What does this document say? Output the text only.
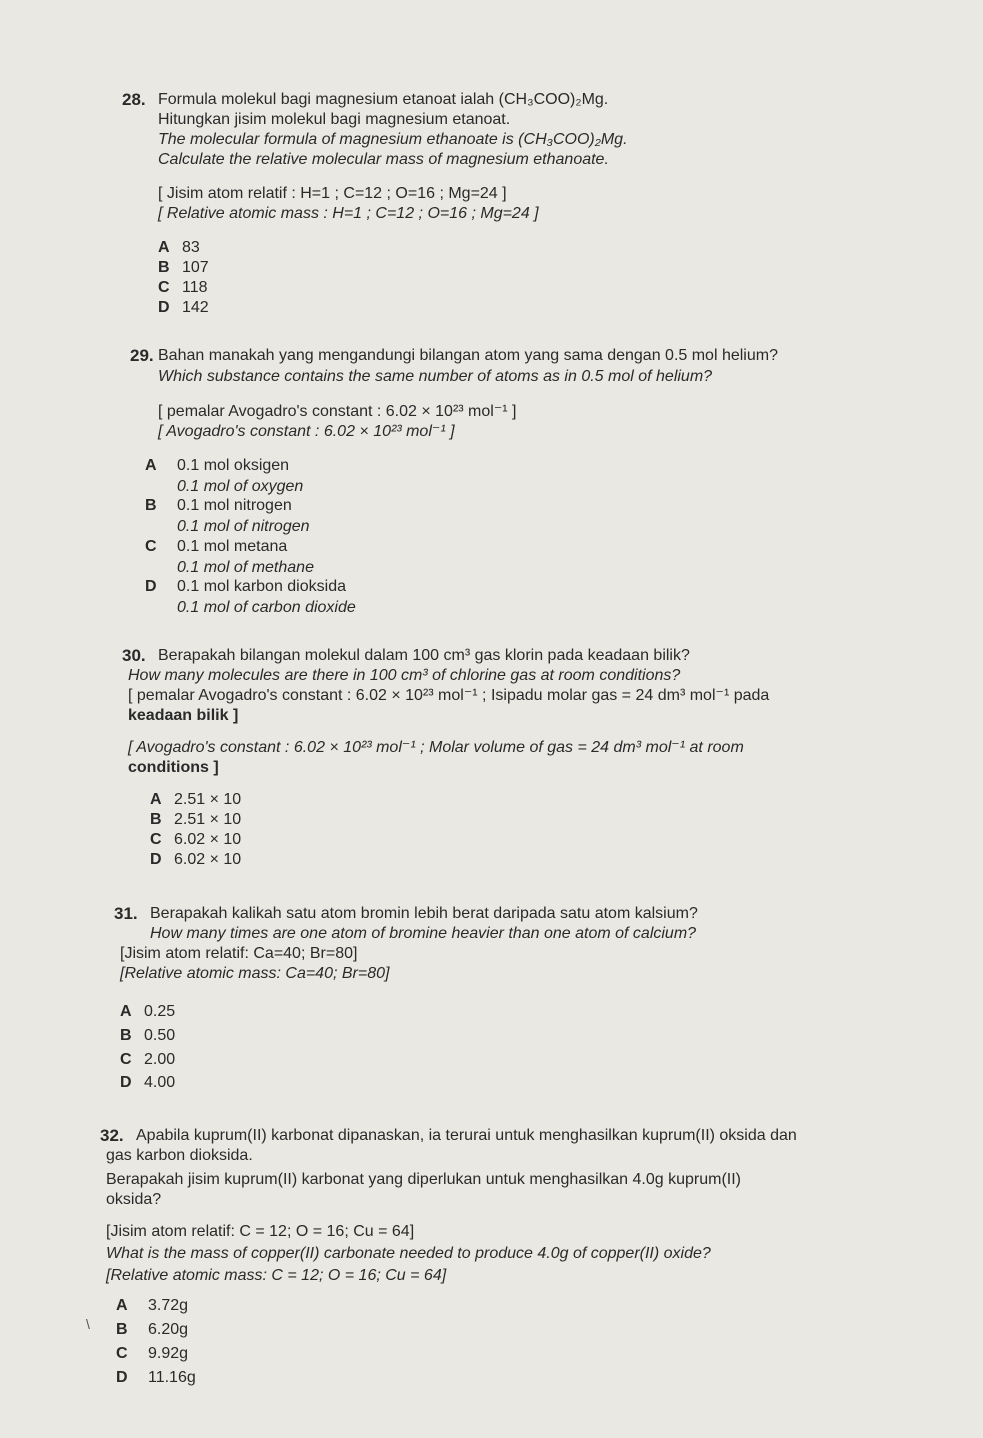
28. Formula molekul bagi magnesium etanoat ialah (CH₃COO)₂Mg.
Hitungkan jisim molekul bagi magnesium etanoat.
The molecular formula of magnesium ethanoate is (CH₃COO)₂Mg.
Calculate the relative molecular mass of magnesium ethanoate.
[ Jisim atom relatif : H=1 ; C=12 ; O=16 ; Mg=24 ]
[ Relative atomic mass : H=1 ; C=12 ; O=16 ; Mg=24 ]
A 83
B 107
C 118
D 142
29. Bahan manakah yang mengandungi bilangan atom yang sama dengan 0.5 mol helium?
Which substance contains the same number of atoms as in 0.5 mol of helium?
[ pemalar Avogadro's constant : 6.02 × 10²³ mol⁻¹ ]
[ Avogadro's constant : 6.02 × 10²³ mol⁻¹ ]
A 0.1 mol oksigen
0.1 mol of oxygen
B 0.1 mol nitrogen
0.1 mol of nitrogen
C 0.1 mol metana
0.1 mol of methane
D 0.1 mol karbon dioksida
0.1 mol of carbon dioxide
30. Berapakah bilangan molekul dalam 100 cm³ gas klorin pada keadaan bilik?
How many molecules are there in 100 cm³ of chlorine gas at room conditions?
[ pemalar Avogadro's constant : 6.02 × 10²³ mol⁻¹ ; Isipadu molar gas = 24 dm³ mol⁻¹ pada
keadaan bilik ]
[ Avogadro's constant : 6.02 × 10²³ mol⁻¹ ; Molar volume of gas = 24 dm³ mol⁻¹ at room
conditions ]
A 2.51 × 10
B 2.51 × 10
C 6.02 × 10
D 6.02 × 10
31. Berapakah kalikah satu atom bromin lebih berat daripada satu atom kalsium?
How many times are one atom of bromine heavier than one atom of calcium?
[Jisim atom relatif: Ca=40; Br=80]
[Relative atomic mass: Ca=40; Br=80]
A 0.25
B 0.50
C 2.00
D 4.00
32. Apabila kuprum(II) karbonat dipanaskan, ia terurai untuk menghasilkan kuprum(II) oksida dan
gas karbon dioksida.
Berapakah jisim kuprum(II) karbonat yang diperlukan untuk menghasilkan 4.0g kuprum(II)
oksida?
[Jisim atom relatif: C = 12; O = 16; Cu = 64]
What is the mass of copper(II) carbonate needed to produce 4.0g of copper(II) oxide?
[Relative atomic mass: C = 12; O = 16; Cu = 64]
\
A 3.72g
B 6.20g
C 9.92g
D 11.16g
